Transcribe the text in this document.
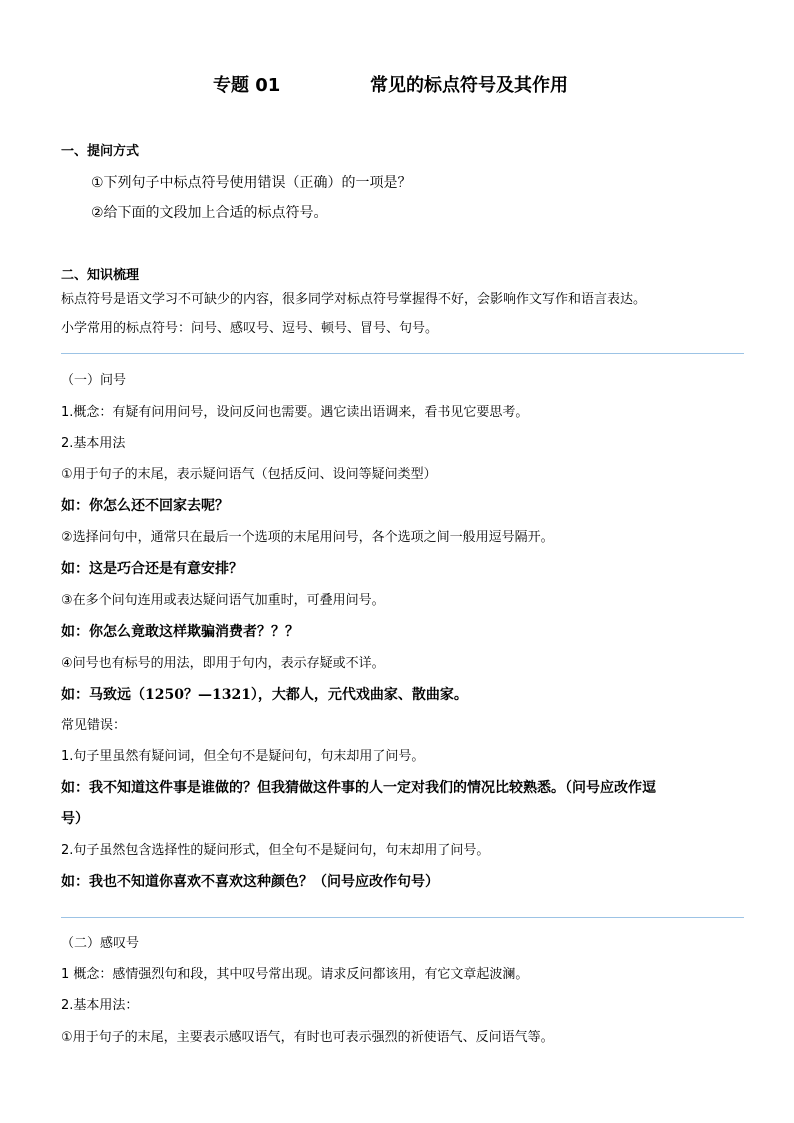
专题 01	常见的标点符号及其作用
一、提问方式
①下列句子中标点符号使用错误（正确）的一项是？
②给下面的文段加上合适的标点符号。
二、知识梳理
标点符号是语文学习不可缺少的内容，很多同学对标点符号掌握得不好，会影响作文写作和语言表达。
小学常用的标点符号：问号、感叹号、逗号、顿号、冒号、句号。
（一）问号
1.概念：有疑有问用问号，设问反问也需要。遇它读出语调来，看书见它要思考。
2.基本用法
①用于句子的末尾，表示疑问语气（包括反问、设问等疑问类型）
如：你怎么还不回家去呢？
②选择问句中，通常只在最后一个选项的末尾用问号，各个选项之间一般用逗号隔开。
如：这是巧合还是有意安排？
③在多个问句连用或表达疑问语气加重时，可叠用问号。
如：你怎么竟敢这样欺骗消费者？？？
④问号也有标号的用法，即用于句内，表示存疑或不详。
如：马致远（1250？—1321），大都人，元代戏曲家、散曲家。
常见错误：
1.句子里虽然有疑问词，但全句不是疑问句，句末却用了问号。
如：我不知道这件事是谁做的？但我猜做这件事的人一定对我们的情况比较熟悉。（问号应改作逗
号）
2.句子虽然包含选择性的疑问形式，但全句不是疑问句，句末却用了问号。
如：我也不知道你喜欢不喜欢这种颜色？（问号应改作句号）
（二）感叹号
1 概念：感情强烈句和段，其中叹号常出现。请求反问都该用，有它文章起波澜。
2.基本用法：
①用于句子的末尾，主要表示感叹语气，有时也可表示强烈的祈使语气、反问语气等。
